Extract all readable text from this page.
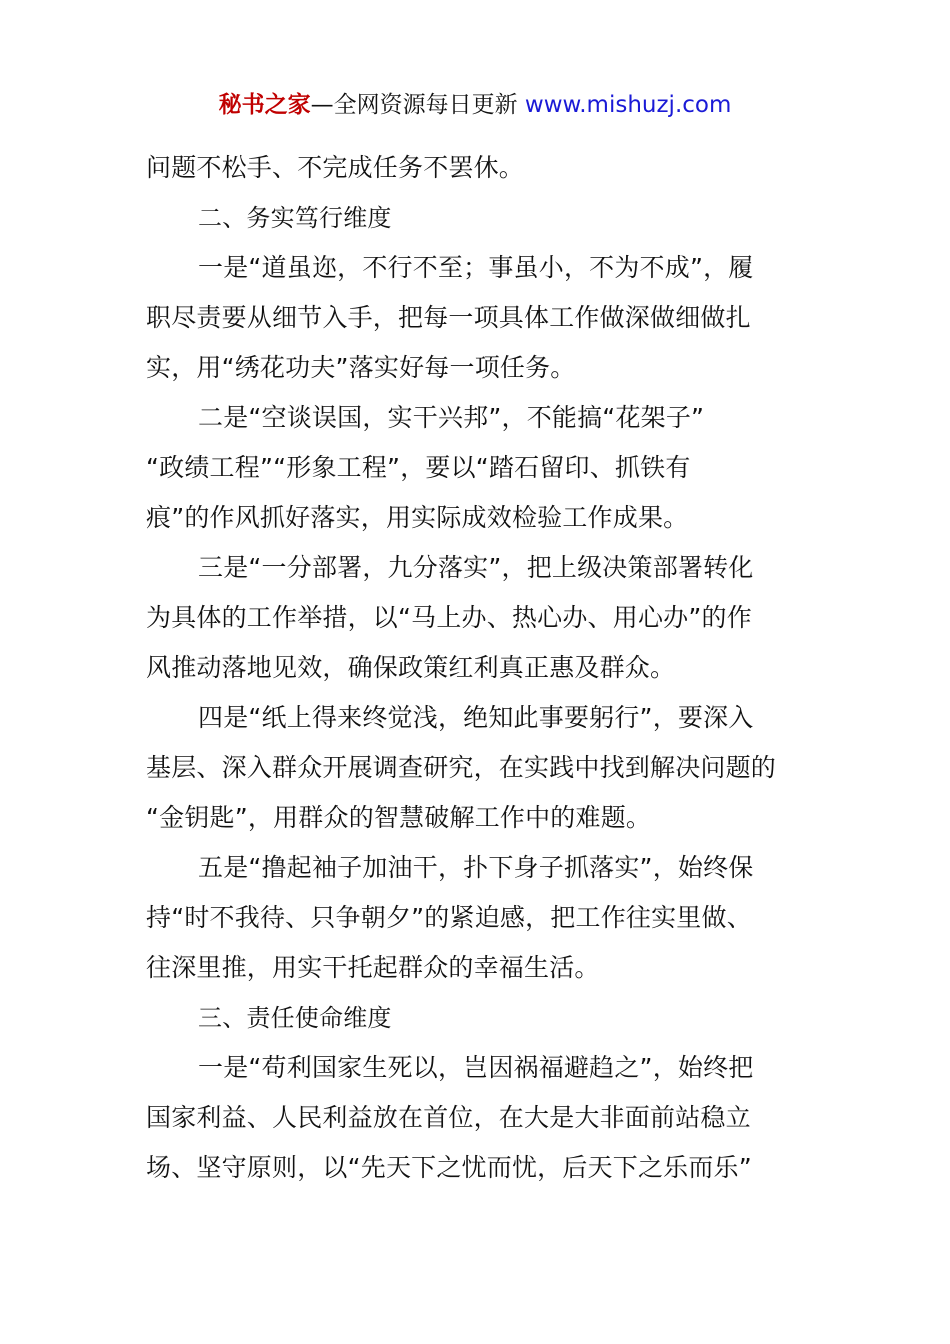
秘书之家—全网资源每日更新 www.mishuzj.com
问题不松手、不完成任务不罢休。
二、务实笃行维度
一是“道虽迩，不行不至；事虽小，不为不成”，履
职尽责要从细节入手，把每一项具体工作做深做细做扎
实，用“绣花功夫”落实好每一项任务。
二是“空谈误国，实干兴邦”，不能搞“花架子”
“政绩工程”“形象工程”，要以“踏石留印、抓铁有
痕”的作风抓好落实，用实际成效检验工作成果。
三是“一分部署，九分落实”，把上级决策部署转化
为具体的工作举措，以“马上办、热心办、用心办”的作
风推动落地见效，确保政策红利真正惠及群众。
四是“纸上得来终觉浅，绝知此事要躬行”，要深入
基层、深入群众开展调查研究，在实践中找到解决问题的
“金钥匙”，用群众的智慧破解工作中的难题。
五是“撸起袖子加油干，扑下身子抓落实”，始终保
持“时不我待、只争朝夕”的紧迫感，把工作往实里做、
往深里推，用实干托起群众的幸福生活。
三、责任使命维度
一是“苟利国家生死以，岂因祸福避趋之”，始终把
国家利益、人民利益放在首位，在大是大非面前站稳立
场、坚守原则，以“先天下之忧而忧，后天下之乐而乐”
